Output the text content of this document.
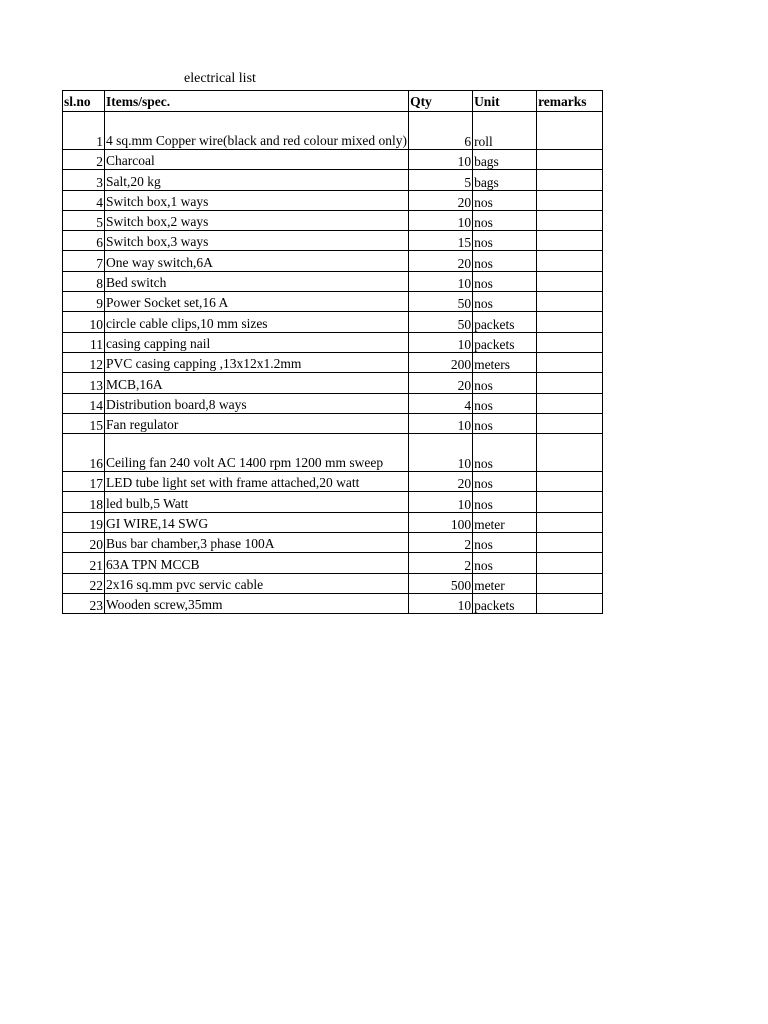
electrical list
sl.no	Items/spec.	Qty	Unit	remarks
1	4 sq.mm Copper wire(black and red colour mixed only)	6	roll	
2	Charcoal	10	bags	
3	Salt,20 kg	5	bags	
4	Switch box,1 ways	20	nos	
5	Switch box,2 ways	10	nos	
6	Switch box,3 ways	15	nos	
7	One way switch,6A	20	nos	
8	Bed switch	10	nos	
9	Power Socket set,16 A	50	nos	
10	circle cable clips,10 mm sizes	50	packets	
11	casing capping nail	10	packets	
12	PVC casing capping ,13x12x1.2mm	200	meters	
13	MCB,16A	20	nos	
14	Distribution board,8 ways	4	nos	
15	Fan regulator	10	nos	
16	Ceiling fan 240 volt AC 1400 rpm 1200 mm sweep	10	nos	
17	LED tube light set with frame attached,20 watt	20	nos	
18	led bulb,5 Watt	10	nos	
19	GI WIRE,14 SWG	100	meter	
20	Bus bar chamber,3 phase 100A	2	nos	
21	63A TPN MCCB	2	nos	
22	2x16 sq.mm pvc servic cable	500	meter	
23	Wooden screw,35mm	10	packets	
